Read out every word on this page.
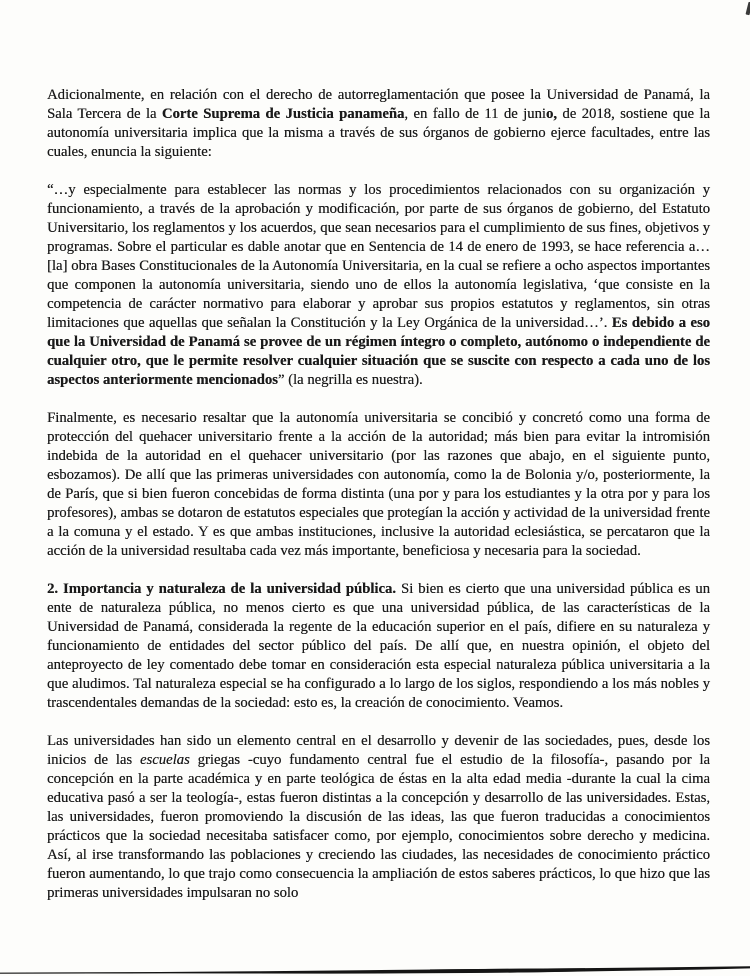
Adicionalmente, en relación con el derecho de autorreglamentación que posee la Universidad de Panamá, la Sala Tercera de la Corte Suprema de Justicia panameña, en fallo de 11 de junio, de 2018, sostiene que la autonomía universitaria implica que la misma a través de sus órganos de gobierno ejerce facultades, entre las cuales, enuncia la siguiente:

“…y especialmente para establecer las normas y los procedimientos relacionados con su organización y funcionamiento, a través de la aprobación y modificación, por parte de sus órganos de gobierno, del Estatuto Universitario, los reglamentos y los acuerdos, que sean necesarios para el cumplimiento de sus fines, objetivos y programas. Sobre el particular es dable anotar que en Sentencia de 14 de enero de 1993, se hace referencia a… [la] obra Bases Constitucionales de la Autonomía Universitaria, en la cual se refiere a ocho aspectos importantes que componen la autonomía universitaria, siendo uno de ellos la autonomía legislativa, ‘que consiste en la competencia de carácter normativo para elaborar y aprobar sus propios estatutos y reglamentos, sin otras limitaciones que aquellas que señalan la Constitución y la Ley Orgánica de la universidad…’. Es debido a eso que la Universidad de Panamá se provee de un régimen íntegro o completo, autónomo o independiente de cualquier otro, que le permite resolver cualquier situación que se suscite con respecto a cada uno de los aspectos anteriormente mencionados” (la negrilla es nuestra).

Finalmente, es necesario resaltar que la autonomía universitaria se concibió y concretó como una forma de protección del quehacer universitario frente a la acción de la autoridad; más bien para evitar la intromisión indebida de la autoridad en el quehacer universitario (por las razones que abajo, en el siguiente punto, esbozamos). De allí que las primeras universidades con autonomía, como la de Bolonia y/o, posteriormente, la de París, que si bien fueron concebidas de forma distinta (una por y para los estudiantes y la otra por y para los profesores), ambas se dotaron de estatutos especiales que protegían la acción y actividad de la universidad frente a la comuna y el estado. Y es que ambas instituciones, inclusive la autoridad eclesiástica, se percataron que la acción de la universidad resultaba cada vez más importante, beneficiosa y necesaria para la sociedad.

2. Importancia y naturaleza de la universidad pública. Si bien es cierto que una universidad pública es un ente de naturaleza pública, no menos cierto es que una universidad pública, de las características de la Universidad de Panamá, considerada la regente de la educación superior en el país, difiere en su naturaleza y funcionamiento de entidades del sector público del país. De allí que, en nuestra opinión, el objeto del anteproyecto de ley comentado debe tomar en consideración esta especial naturaleza pública universitaria a la que aludimos. Tal naturaleza especial se ha configurado a lo largo de los siglos, respondiendo a los más nobles y trascendentales demandas de la sociedad: esto es, la creación de conocimiento. Veamos.

Las universidades han sido un elemento central en el desarrollo y devenir de las sociedades, pues, desde los inicios de las escuelas griegas -cuyo fundamento central fue el estudio de la filosofía-, pasando por la concepción en la parte académica y en parte teológica de éstas en la alta edad media -durante la cual la cima educativa pasó a ser la teología-, estas fueron distintas a la concepción y desarrollo de las universidades. Estas, las universidades, fueron promoviendo la discusión de las ideas, las que fueron traducidas a conocimientos prácticos que la sociedad necesitaba satisfacer como, por ejemplo, conocimientos sobre derecho y medicina. Así, al irse transformando las poblaciones y creciendo las ciudades, las necesidades de conocimiento práctico fueron aumentando, lo que trajo como consecuencia la ampliación de estos saberes prácticos, lo que hizo que las primeras universidades impulsaran no solo
